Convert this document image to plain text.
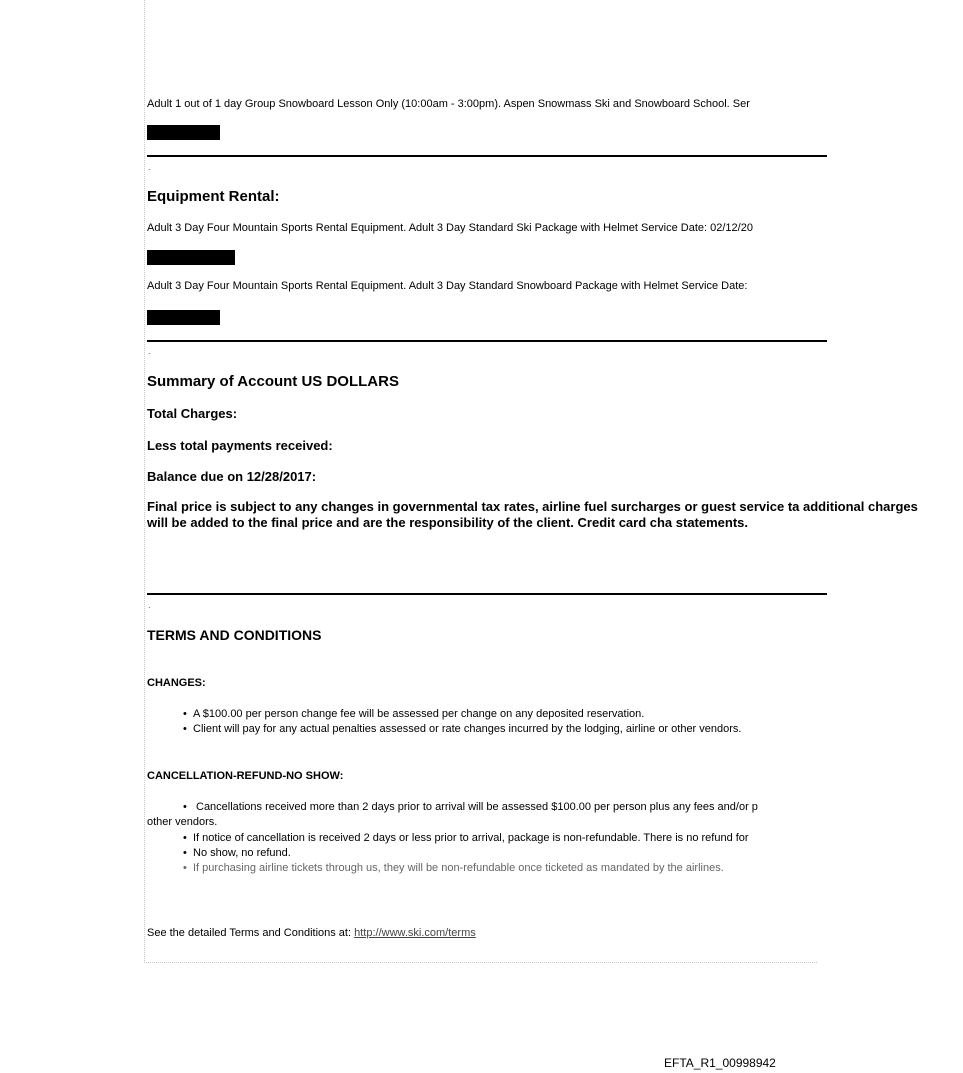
Adult 1 out of 1 day Group Snowboard Lesson Only (10:00am - 3:00pm). Aspen Snowmass Ski and Snowboard School. Ser
.
Equipment Rental:
Adult 3 Day Four Mountain Sports Rental Equipment. Adult 3 Day Standard Ski Package with Helmet Service Date: 02/12/20
Adult 3 Day Four Mountain Sports Rental Equipment. Adult 3 Day Standard Snowboard Package with Helmet Service Date:
.
Summary of Account US DOLLARS
Total Charges:
Less total payments received:
Balance due on 12/28/2017:
Final price is subject to any changes in governmental tax rates, airline fuel surcharges or guest service ta additional charges will be added to the final price and are the responsibility of the client. Credit card cha statements.
.
TERMS AND CONDITIONS
CHANGES:
• A $100.00 per person change fee will be assessed per change on any deposited reservation.
• Client will pay for any actual penalties assessed or rate changes incurred by the lodging, airline or other vendors.
CANCELLATION-REFUND-NO SHOW:
• Cancellations received more than 2 days prior to arrival will be assessed $100.00 per person plus any fees and/or p
other vendors.
• If notice of cancellation is received 2 days or less prior to arrival, package is non-refundable. There is no refund for
• No show, no refund.
• If purchasing airline tickets through us, they will be non-refundable once ticketed as mandated by the airlines.
See the detailed Terms and Conditions at: http://www.ski.com/terms
EFTA_R1_00998942
